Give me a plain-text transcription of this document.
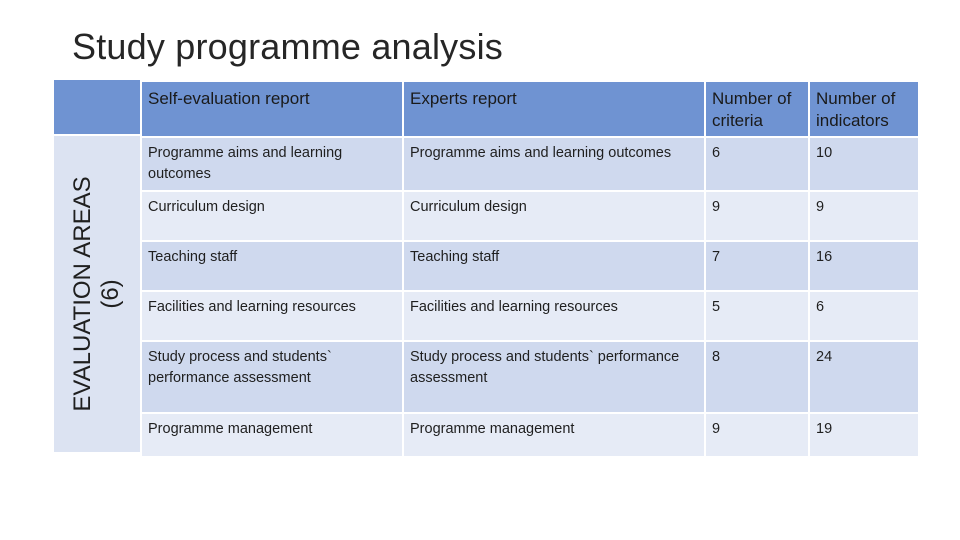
Study programme analysis
EVALUATION AREAS (6)
Self-evaluation report	Experts report	Number of criteria	Number of indicators
Programme aims and learning outcomes	Programme aims and learning outcomes	6	10
Curriculum design	Curriculum design	9	9
Teaching staff	Teaching staff	7	16
Facilities and learning resources	Facilities and learning resources	5	6
Study process and students` performance assessment	Study process and students` performance assessment	8	24
Programme management	Programme management	9	19
